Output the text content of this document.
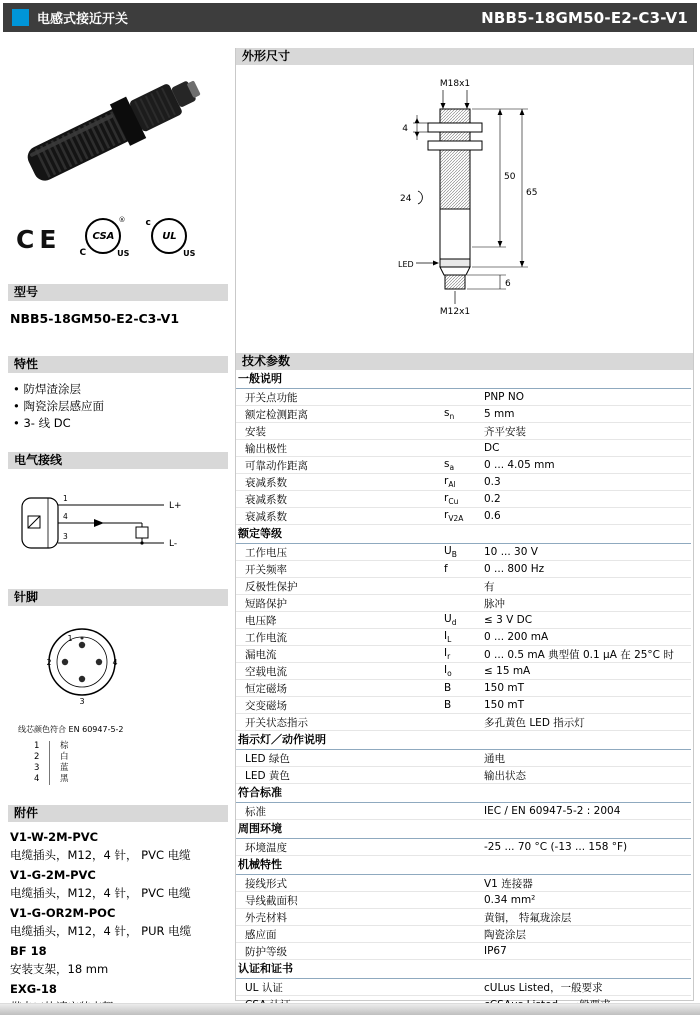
电感式接近开关	NBB5-18GM50-E2-C3-V1
CE	CSA
®
C	US
UL
c
US
型号
NBB5-18GM50-E2-C3-V1
特性
• 防焊渣涂层
• 陶瓷涂层感应面
• 3- 线 DC
电气接线
1
4
3
L+
L-
针脚
1
2	4
3
线芯颜色符合 EN 60947-5-2
1	棕
2	白
3	蓝
4	黑
附件
V1-W-2M-PVC
电缆插头，M12，4 针， PVC 电缆
V1-G-2M-PVC
电缆插头，M12，4 针， PVC 电缆
V1-G-OR2M-POC
电缆插头，M12，4 针， PUR 电缆
BF 18
安装支架，18 mm
EXG-18
外形尺寸
M18x1
4
24
LED
M12x1
50
65
6
技术参数
一般说明
开关点功能	PNP NO
额定检测距离	$s_n$	5 mm
安装	齐平安装
输出极性	DC
可靠动作距离	$s_a$	0 ... 4.05 mm
衰减系数	$r_{Al}$	0.3
衰减系数	$r_{Cu}$	0.2
衰减系数	$r_{V2A}$	0.6
额定等级
工作电压	$U_B$	10 ... 30 V
开关频率	f	0 ... 800 Hz
反极性保护	有
短路保护	脉冲
电压降	$U_d$	≤ 3 V DC
工作电流	$I_L$	0 ... 200 mA
漏电流	$I_r$	0 ... 0.5 mA 典型值 0.1 μA 在 25°C 时
空载电流	$I_o$	≤ 15 mA
恒定磁场	B	150 mT
交变磁场	B	150 mT
开关状态指示	多孔黄色 LED 指示灯
指示灯／动作说明
LED 绿色	通电
LED 黄色	输出状态
符合标准
标准	IEC / EN 60947-5-2 : 2004
周围环境
环境温度	-25 ... 70 °C (-13 ... 158 °F)
机械特性
接线形式	V1 连接器
导线截面积	0.34 mm²
外壳材料	黄铜， 特氟珑涂层
感应面	陶瓷涂层
防护等级	IP67
认证和证书
UL 认证	cULus Listed，一般要求
